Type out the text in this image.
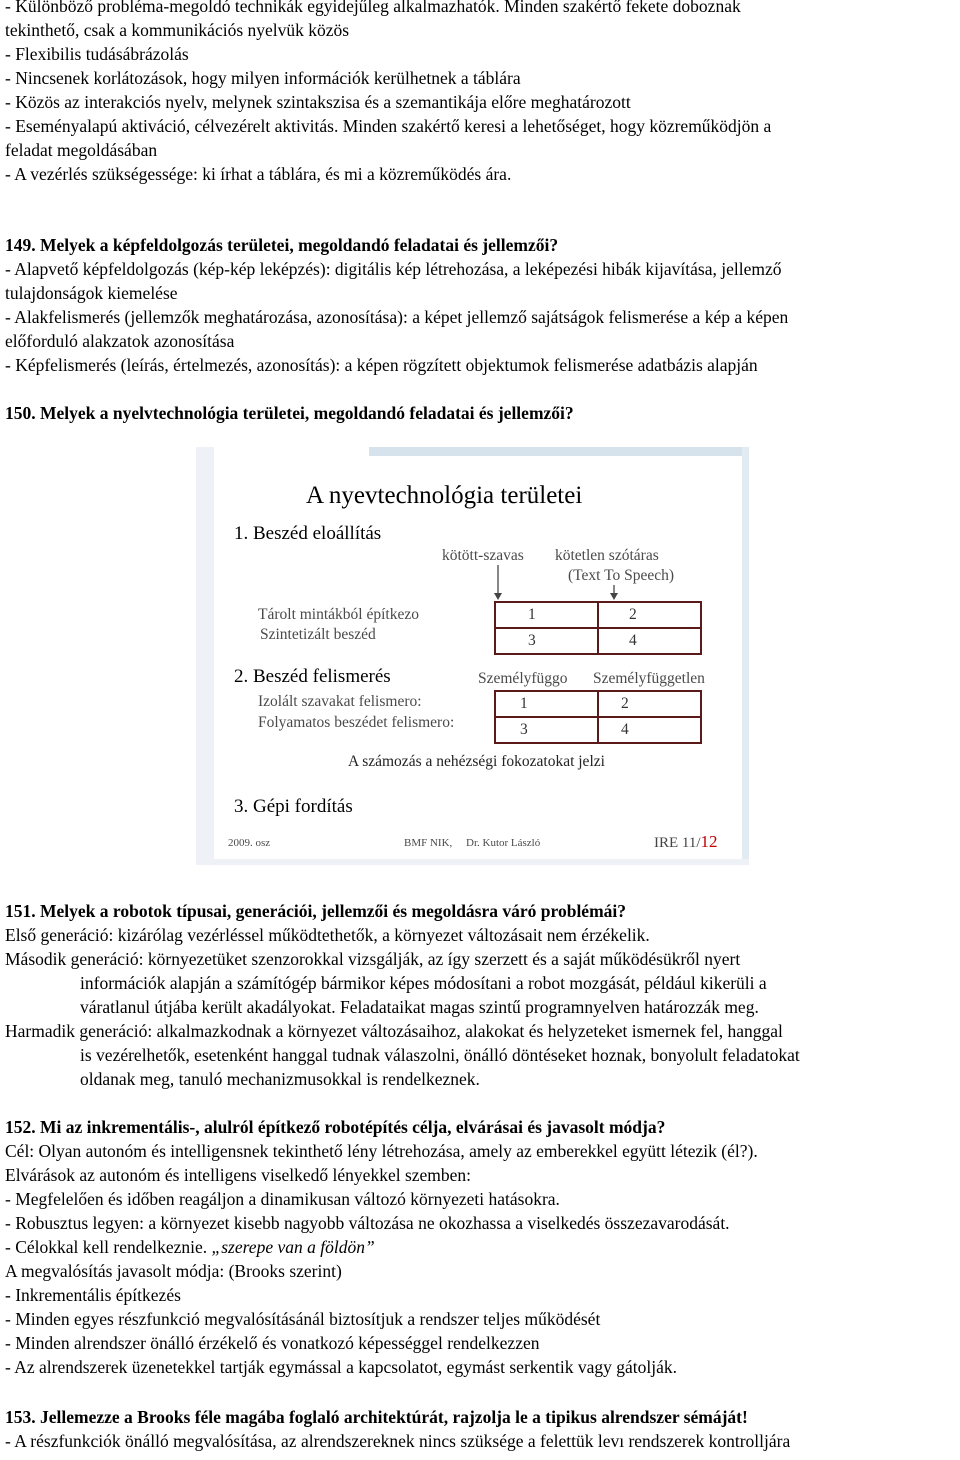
- Különböző probléma-megoldó technikák egyidejűleg alkalmazhatók. Minden szakértő fekete doboznak
tekinthető, csak a kommunikációs nyelvük közös
- Flexibilis tudásábrázolás
- Nincsenek korlátozások, hogy milyen információk kerülhetnek a táblára
- Közös az interakciós nyelv, melynek szintakszisa és a szemantikája előre meghatározott
- Eseményalapú aktiváció, célvezérelt aktivitás. Minden szakértő keresi a lehetőséget, hogy közreműködjön a
feladat megoldásában
- A vezérlés szükségessége: ki írhat a táblára, és mi a közreműködés ára.
149. Melyek a képfeldolgozás területei, megoldandó feladatai és jellemzői?
- Alapvető képfeldolgozás (kép-kép leképzés): digitális kép létrehozása, a leképezési hibák kijavítása, jellemző
tulajdonságok kiemelése
- Alakfelismerés (jellemzők meghatározása, azonosítása): a képet jellemző sajátságok felismerése a kép a képen
előforduló alakzatok azonosítása
- Képfelismerés (leírás, értelmezés, azonosítás): a képen rögzített objektumok felismerése adatbázis alapján
150. Melyek a nyelvtechnológia területei, megoldandó feladatai és jellemzői?
A nyevtechnológia területei
1. Beszéd eloállítás
kötött-szavas kötetlen szótáras
(Text To Speech)
Tárolt mintákból építkezo
Szintetizált beszéd
1	2
3	4
2. Beszéd felismerés	Személyfüggo Személyfüggetlen
Izolált szavakat felismero:
Folyamatos beszédet felismero:
1	2
3	4
A számozás a nehézségi fokozatokat jelzi
3. Gépi fordítás
2009. osz	BMF NIK, Dr. Kutor László	IRE 11/12
151. Melyek a robotok típusai, generációi, jellemzői és megoldásra váró problémái?
Első generáció: kizárólag vezérléssel működtethetők, a környezet változásait nem érzékelik.
Második generáció: környezetüket szenzorokkal vizsgálják, az így szerzett és a saját működésükről nyert
információk alapján a számítógép bármikor képes módosítani a robot mozgását, például kikerüli a
váratlanul útjába került akadályokat. Feladataikat magas szintű programnyelven határozzák meg.
Harmadik generáció: alkalmazkodnak a környezet változásaihoz, alakokat és helyzeteket ismernek fel, hanggal
is vezérelhetők, esetenként hanggal tudnak válaszolni, önálló döntéseket hoznak, bonyolult feladatokat
oldanak meg, tanuló mechanizmusokkal is rendelkeznek.
152. Mi az inkrementális-, alulról építkező robotépítés célja, elvárásai és javasolt módja?
Cél: Olyan autonóm és intelligensnek tekinthető lény létrehozása, amely az emberekkel együtt létezik (él?).
Elvárások az autonóm és intelligens viselkedő lényekkel szemben:
- Megfelelően és időben reagáljon a dinamikusan változó környezeti hatásokra.
- Robusztus legyen: a környezet kisebb nagyobb változása ne okozhassa a viselkedés összezavarodását.
- Célokkal kell rendelkeznie. „szerepe van a földön”
A megvalósítás javasolt módja: (Brooks szerint)
- Inkrementális építkezés
- Minden egyes részfunkció megvalósításánál biztosítjuk a rendszer teljes működését
- Minden alrendszer önálló érzékelő és vonatkozó képességgel rendelkezzen
- Az alrendszerek üzenetekkel tartják egymással a kapcsolatot, egymást serkentik vagy gátolják.
153. Jellemezze a Brooks féle magába foglaló architektúrát, rajzolja le a tipikus alrendszer sémáját!
- A részfunkciók önálló megvalósítása, az alrendszereknek nincs szüksége a felettük levı rendszerek kontrolljára
